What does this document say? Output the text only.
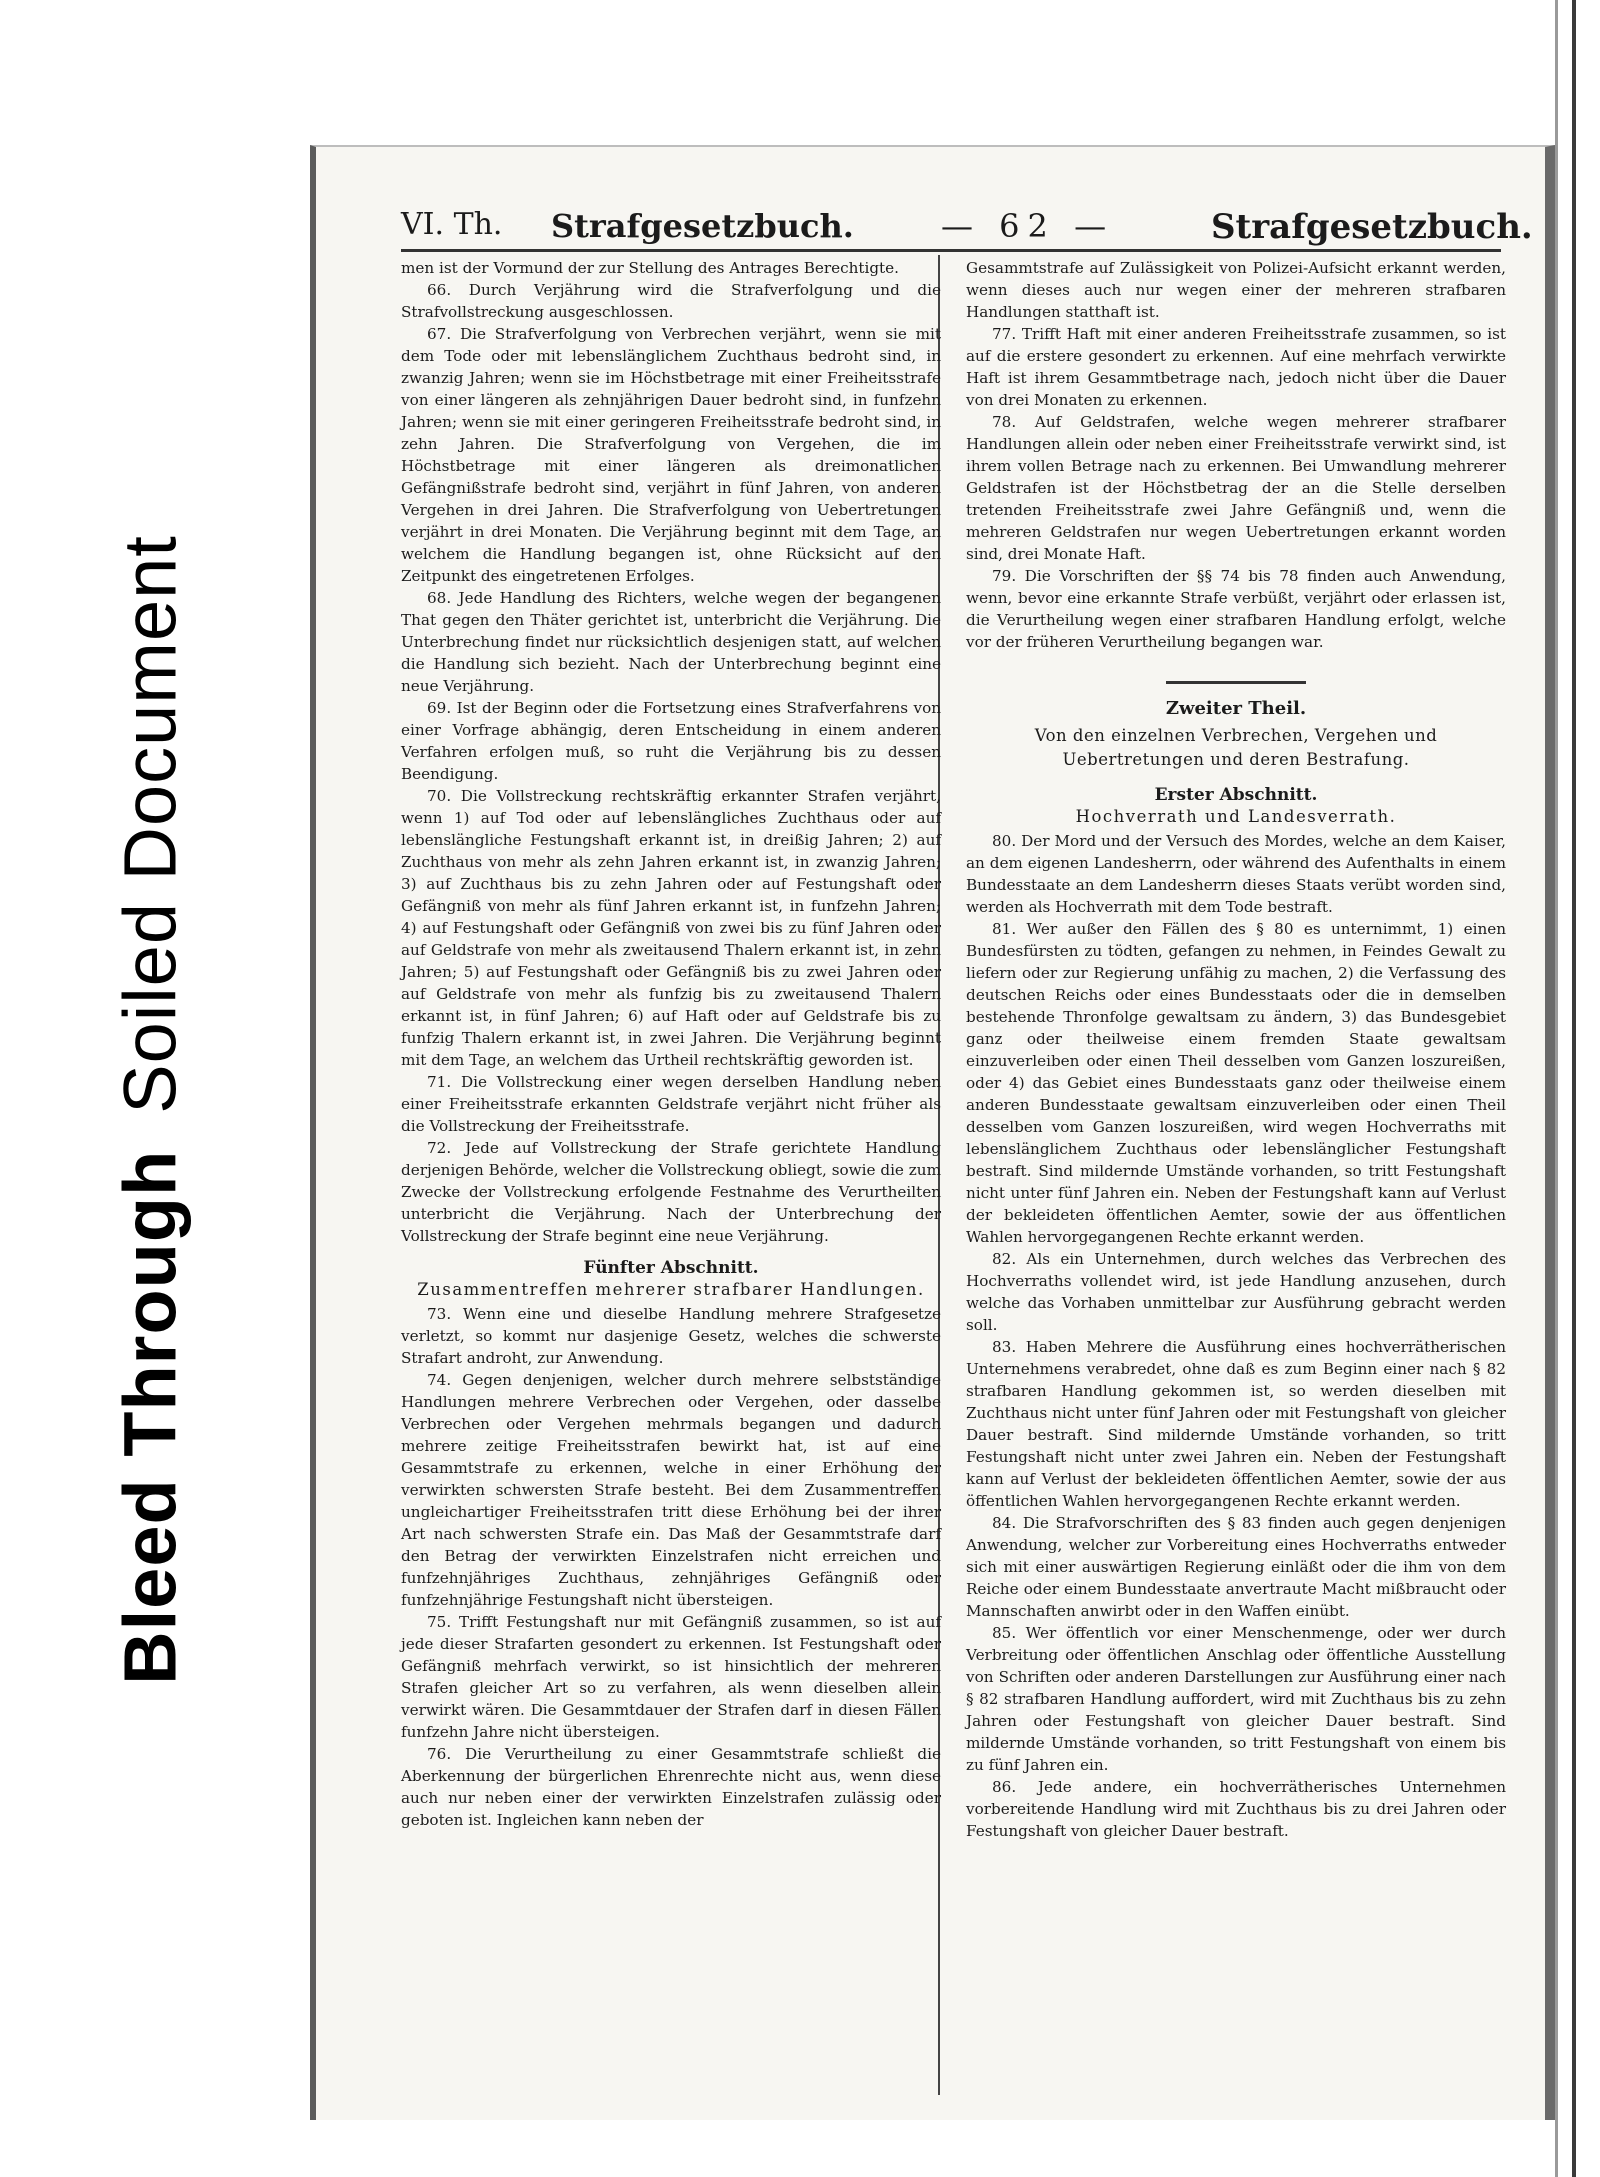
Bleed ThroughSoiled Document
VI. Th. Strafgesetzbuch.	— 62 —	Strafgesetzbuch.

men ist der Vormund der zur Stellung des Antrages Berechtigte.

66. Durch Verjährung wird die Strafverfolgung und die Strafvollstreckung ausgeschlossen.

67. Die Strafverfolgung von Verbrechen verjährt, wenn sie mit dem Tode oder mit lebenslänglichem Zuchthaus bedroht sind, in zwanzig Jahren; wenn sie im Höchstbetrage mit einer Freiheitsstrafe von einer längeren als zehnjährigen Dauer bedroht sind, in funfzehn Jahren; wenn sie mit einer geringeren Freiheitsstrafe bedroht sind, in zehn Jahren. Die Strafverfolgung von Vergehen, die im Höchstbetrage mit einer längeren als dreimonatlichen Gefängnißstrafe bedroht sind, verjährt in fünf Jahren, von anderen Vergehen in drei Jahren. Die Strafverfolgung von Uebertretungen verjährt in drei Monaten. Die Verjährung beginnt mit dem Tage, an welchem die Handlung begangen ist, ohne Rücksicht auf den Zeitpunkt des eingetretenen Erfolges.

68. Jede Handlung des Richters, welche wegen der begangenen That gegen den Thäter gerichtet ist, unterbricht die Verjährung. Die Unterbrechung findet nur rücksichtlich desjenigen statt, auf welchen die Handlung sich bezieht. Nach der Unterbrechung beginnt eine neue Verjährung.

69. Ist der Beginn oder die Fortsetzung eines Strafverfahrens von einer Vorfrage abhängig, deren Entscheidung in einem anderen Verfahren erfolgen muß, so ruht die Verjährung bis zu dessen Beendigung.

70. Die Vollstreckung rechtskräftig erkannter Strafen verjährt, wenn 1) auf Tod oder auf lebenslängliches Zuchthaus oder auf lebenslängliche Festungshaft erkannt ist, in dreißig Jahren; 2) auf Zuchthaus von mehr als zehn Jahren erkannt ist, in zwanzig Jahren; 3) auf Zuchthaus bis zu zehn Jahren oder auf Festungshaft oder Gefängniß von mehr als fünf Jahren erkannt ist, in funfzehn Jahren; 4) auf Festungshaft oder Gefängniß von zwei bis zu fünf Jahren oder auf Geldstrafe von mehr als zweitausend Thalern erkannt ist, in zehn Jahren; 5) auf Festungshaft oder Gefängniß bis zu zwei Jahren oder auf Geldstrafe von mehr als funfzig bis zu zweitausend Thalern erkannt ist, in fünf Jahren; 6) auf Haft oder auf Geldstrafe bis zu funfzig Thalern erkannt ist, in zwei Jahren. Die Verjährung beginnt mit dem Tage, an welchem das Urtheil rechtskräftig geworden ist.

71. Die Vollstreckung einer wegen derselben Handlung neben einer Freiheitsstrafe erkannten Geldstrafe verjährt nicht früher als die Vollstreckung der Freiheitsstrafe.

72. Jede auf Vollstreckung der Strafe gerichtete Handlung derjenigen Behörde, welcher die Vollstreckung obliegt, sowie die zum Zwecke der Vollstreckung erfolgende Festnahme des Verurtheilten unterbricht die Verjährung. Nach der Unterbrechung der Vollstreckung der Strafe beginnt eine neue Verjährung.

Fünfter Abschnitt.
Zusammentreffen mehrerer strafbarer Handlungen.

73. Wenn eine und dieselbe Handlung mehrere Strafgesetze verletzt, so kommt nur dasjenige Gesetz, welches die schwerste Strafart androht, zur Anwendung.

74. Gegen denjenigen, welcher durch mehrere selbstständige Handlungen mehrere Verbrechen oder Vergehen, oder dasselbe Verbrechen oder Vergehen mehrmals begangen und dadurch mehrere zeitige Freiheitsstrafen bewirkt hat, ist auf eine Gesammtstrafe zu erkennen, welche in einer Erhöhung der verwirkten schwersten Strafe besteht. Bei dem Zusammentreffen ungleichartiger Freiheitsstrafen tritt diese Erhöhung bei der ihrer Art nach schwersten Strafe ein. Das Maß der Gesammtstrafe darf den Betrag der verwirkten Einzelstrafen nicht erreichen und funfzehnjähriges Zuchthaus, zehnjähriges Gefängniß oder funfzehnjährige Festungshaft nicht übersteigen.

75. Trifft Festungshaft nur mit Gefängniß zusammen, so ist auf jede dieser Strafarten gesondert zu erkennen. Ist Festungshaft oder Gefängniß mehrfach verwirkt, so ist hinsichtlich der mehreren Strafen gleicher Art so zu verfahren, als wenn dieselben allein verwirkt wären. Die Gesammtdauer der Strafen darf in diesen Fällen funfzehn Jahre nicht übersteigen.

76. Die Verurtheilung zu einer Gesammtstrafe schließt die Aberkennung der bürgerlichen Ehrenrechte nicht aus, wenn diese auch nur neben einer der verwirkten Einzelstrafen zulässig oder geboten ist. Ingleichen kann neben der

Gesammtstrafe auf Zulässigkeit von Polizei-Aufsicht erkannt werden, wenn dieses auch nur wegen einer der mehreren strafbaren Handlungen statthaft ist.

77. Trifft Haft mit einer anderen Freiheitsstrafe zusammen, so ist auf die erstere gesondert zu erkennen. Auf eine mehrfach verwirkte Haft ist ihrem Gesammtbetrage nach, jedoch nicht über die Dauer von drei Monaten zu erkennen.

78. Auf Geldstrafen, welche wegen mehrerer strafbarer Handlungen allein oder neben einer Freiheitsstrafe verwirkt sind, ist ihrem vollen Betrage nach zu erkennen. Bei Umwandlung mehrerer Geldstrafen ist der Höchstbetrag der an die Stelle derselben tretenden Freiheitsstrafe zwei Jahre Gefängniß und, wenn die mehreren Geldstrafen nur wegen Uebertretungen erkannt worden sind, drei Monate Haft.

79. Die Vorschriften der §§ 74 bis 78 finden auch Anwendung, wenn, bevor eine erkannte Strafe verbüßt, verjährt oder erlassen ist, die Verurtheilung wegen einer strafbaren Handlung erfolgt, welche vor der früheren Verurtheilung begangen war.

Zweiter Theil.
Von den einzelnen Verbrechen, Vergehen und Uebertretungen und deren Bestrafung.
Erster Abschnitt.
Hochverrath und Landesverrath.

80. Der Mord und der Versuch des Mordes, welche an dem Kaiser, an dem eigenen Landesherrn, oder während des Aufenthalts in einem Bundesstaate an dem Landesherrn dieses Staats verübt worden sind, werden als Hochverrath mit dem Tode bestraft.

81. Wer außer den Fällen des § 80 es unternimmt, 1) einen Bundesfürsten zu tödten, gefangen zu nehmen, in Feindes Gewalt zu liefern oder zur Regierung unfähig zu machen, 2) die Verfassung des deutschen Reichs oder eines Bundesstaats oder die in demselben bestehende Thronfolge gewaltsam zu ändern, 3) das Bundesgebiet ganz oder theilweise einem fremden Staate gewaltsam einzuverleiben oder einen Theil desselben vom Ganzen loszureißen, oder 4) das Gebiet eines Bundesstaats ganz oder theilweise einem anderen Bundesstaate gewaltsam einzuverleiben oder einen Theil desselben vom Ganzen loszureißen, wird wegen Hochverraths mit lebenslänglichem Zuchthaus oder lebenslänglicher Festungshaft bestraft. Sind mildernde Umstände vorhanden, so tritt Festungshaft nicht unter fünf Jahren ein. Neben der Festungshaft kann auf Verlust der bekleideten öffentlichen Aemter, sowie der aus öffentlichen Wahlen hervorgegangenen Rechte erkannt werden.

82. Als ein Unternehmen, durch welches das Verbrechen des Hochverraths vollendet wird, ist jede Handlung anzusehen, durch welche das Vorhaben unmittelbar zur Ausführung gebracht werden soll.

83. Haben Mehrere die Ausführung eines hochverrätherischen Unternehmens verabredet, ohne daß es zum Beginn einer nach § 82 strafbaren Handlung gekommen ist, so werden dieselben mit Zuchthaus nicht unter fünf Jahren oder mit Festungshaft von gleicher Dauer bestraft. Sind mildernde Umstände vorhanden, so tritt Festungshaft nicht unter zwei Jahren ein. Neben der Festungshaft kann auf Verlust der bekleideten öffentlichen Aemter, sowie der aus öffentlichen Wahlen hervorgegangenen Rechte erkannt werden.

84. Die Strafvorschriften des § 83 finden auch gegen denjenigen Anwendung, welcher zur Vorbereitung eines Hochverraths entweder sich mit einer auswärtigen Regierung einläßt oder die ihm von dem Reiche oder einem Bundesstaate anvertraute Macht mißbraucht oder Mannschaften anwirbt oder in den Waffen einübt.

85. Wer öffentlich vor einer Menschenmenge, oder wer durch Verbreitung oder öffentlichen Anschlag oder öffentliche Ausstellung von Schriften oder anderen Darstellungen zur Ausführung einer nach § 82 strafbaren Handlung auffordert, wird mit Zuchthaus bis zu zehn Jahren oder Festungshaft von gleicher Dauer bestraft. Sind mildernde Umstände vorhanden, so tritt Festungshaft von einem bis zu fünf Jahren ein.

86. Jede andere, ein hochverrätherisches Unternehmen vorbereitende Handlung wird mit Zuchthaus bis zu drei Jahren oder Festungshaft von gleicher Dauer bestraft.
